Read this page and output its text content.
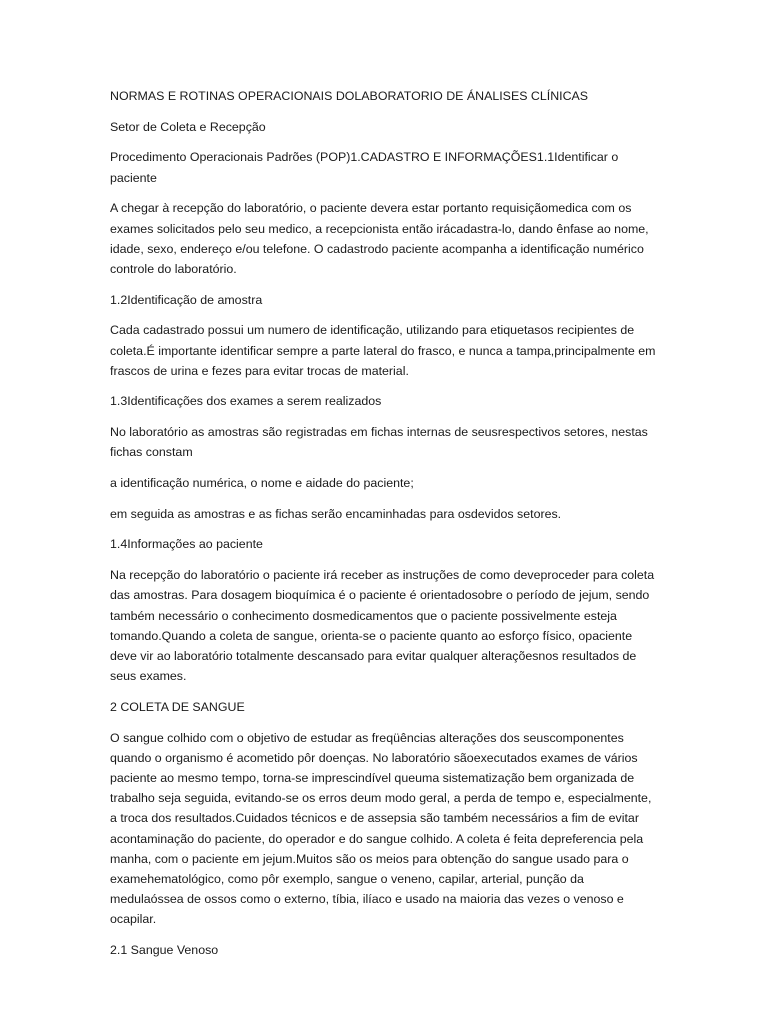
NORMAS E ROTINAS OPERACIONAIS DOLABORATORIO DE ÁNALISES CLÍNICAS

Setor de Coleta e Recepção

Procedimento Operacionais Padrões (POP)1.CADASTRO E INFORMAÇÕES1.1Identificar o paciente

A chegar à recepção do laboratório, o paciente devera estar portanto requisiçãomedica com os exames solicitados pelo seu medico, a recepcionista então irácadastra-lo, dando ênfase ao nome, idade, sexo, endereço e/ou telefone. O cadastrodo paciente acompanha a identificação numérico controle do laboratório.

1.2Identificação de amostra

Cada cadastrado possui um numero de identificação, utilizando para etiquetasos recipientes de coleta.É importante identificar sempre a parte lateral do frasco, e nunca a tampa,principalmente em frascos de urina e fezes para evitar trocas de material.

1.3Identificações dos exames a serem realizados

No laboratório as amostras são registradas em fichas internas de seusrespectivos setores, nestas fichas constam

a identificação numérica, o nome e aidade do paciente;

em seguida as amostras e as fichas serão encaminhadas para osdevidos setores.

1.4Informações ao paciente

Na recepção do laboratório o paciente irá receber as instruções de como deveproceder para coleta das amostras. Para dosagem bioquímica é o paciente é orientadosobre o período de jejum, sendo também necessário o conhecimento dosmedicamentos que o paciente possivelmente esteja tomando.Quando a coleta de sangue, orienta-se o paciente quanto ao esforço físico, opaciente deve vir ao laboratório totalmente descansado para evitar qualquer alteraçõesnos resultados de seus exames.

2 COLETA DE SANGUE

O sangue colhido com o objetivo de estudar as freqüências alterações dos seuscomponentes quando o organismo é acometido pôr doenças. No laboratório sãoexecutados exames de vários paciente ao mesmo tempo, torna-se imprescindível queuma sistematização bem organizada de trabalho seja seguida, evitando-se os erros deum modo geral, a perda de tempo e, especialmente, a troca dos resultados.Cuidados técnicos e de assepsia são também necessários a fim de evitar acontaminação do paciente, do operador e do sangue colhido. A coleta é feita depreferencia pela manha, com o paciente em jejum.Muitos são os meios para obtenção do sangue usado para o examehematológico, como pôr exemplo, sangue o veneno, capilar, arterial, punção da medulaóssea de ossos como o externo, tíbia, ilíaco e usado na maioria das vezes o venoso e ocapilar.

2.1 Sangue Venoso
